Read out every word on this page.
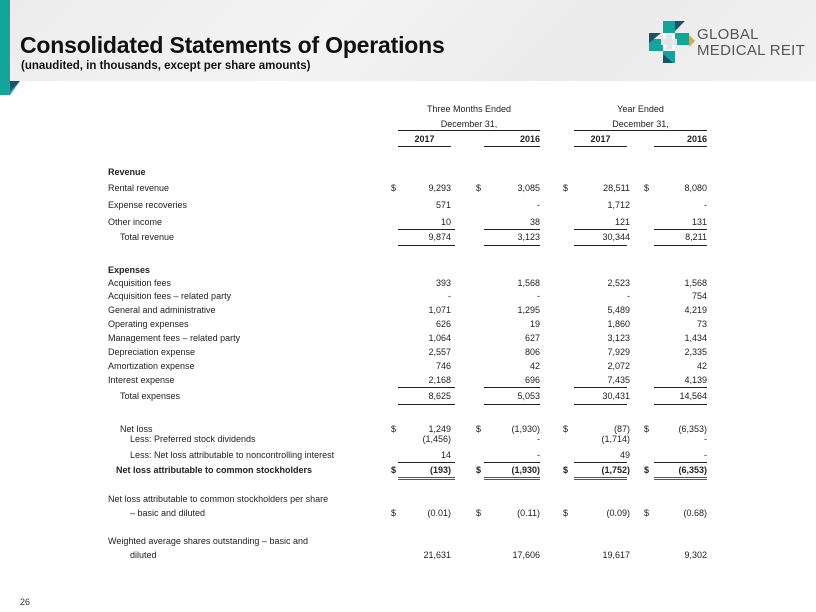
Consolidated Statements of Operations
(unaudited, in thousands, except per share amounts)
GLOBAL
MEDICAL REIT
Three Months Ended
December 31,
Year Ended
December 31,
2017	2016	2017	2016
Revenue
Rental revenue	$	9,293	$	3,085	$	28,511 $	8,080
Expense recoveries	571	-	1,712	-
Other income	10	38	121	131
Total revenue	9,874	3,123	30,344	8,211
Expenses
Acquisition fees	393	1,568	2,523	1,568
Acquisition fees – related party	-	-	-	754
General and administrative	1,071	1,295	5,489	4,219
Operating expenses	626	19	1,860	73
Management fees – related party	1,064	627	3,123	1,434
Depreciation expense	2,557	806	7,929	2,335
Amortization expense	746	42	2,072	42
Interest expense	2,168	696	7,435	4,139
Total expenses	8,625	5,053	30,431	14,564
Net loss	$	1,249	$	(1,930)	$	(87) $	(6,353)
Less: Preferred stock dividends	(1,456)	-	(1,714)	-
Less: Net loss attributable to noncontrolling interest	14	-	49	-
Net loss attributable to common stockholders	$	(193)	$	(1,930)	$	(1,752) $	(6,353)
Net loss attributable to common stockholders per share
– basic and diluted	$	(0.01)	$	(0.11)	$	(0.09) $	(0.68)
Weighted average shares outstanding – basic and
diluted	21,631	17,606	19,617	9,302
26
